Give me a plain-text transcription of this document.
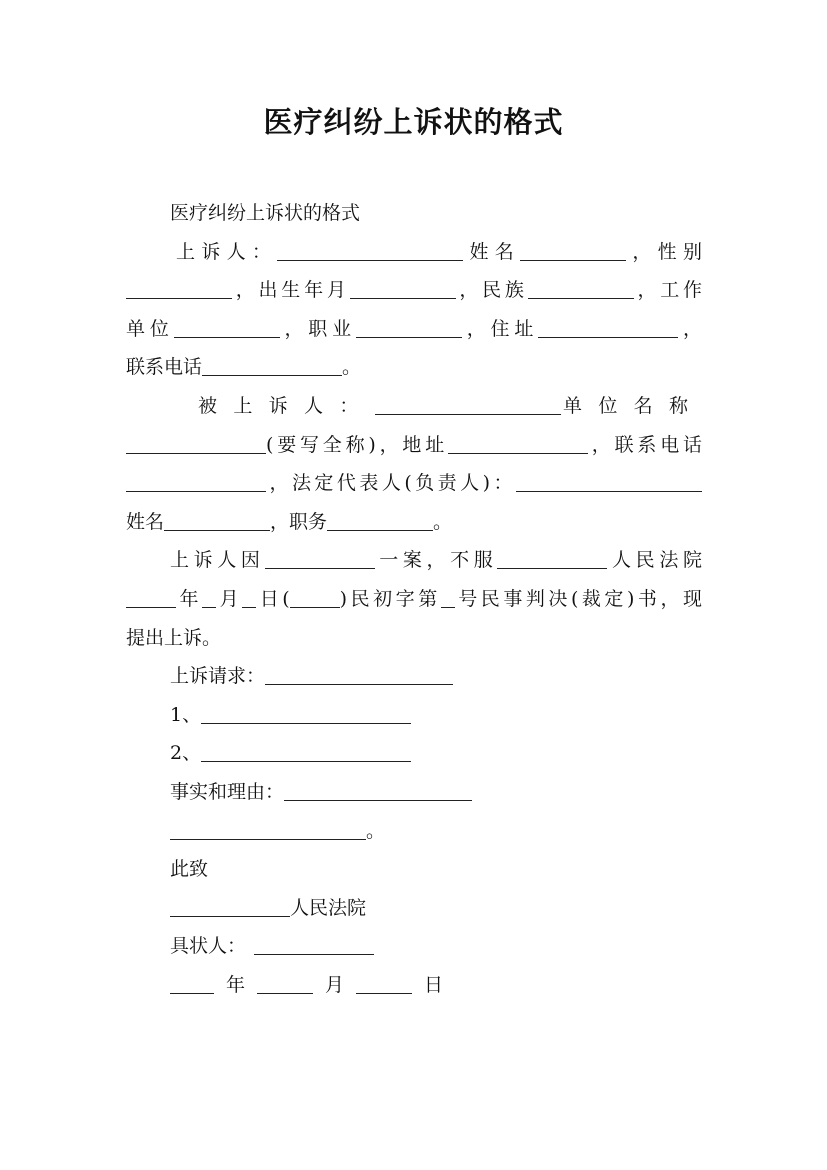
医疗纠纷上诉状的格式
医疗纠纷上诉状的格式
上诉人：	姓名	，性别
，出生年月	，民族	，工作
单位	，职业	，住址	，
联系电话	。
被上诉人：	单位名称
(要写全称)，地址	，联系电话
，法定代表人(负责人)：
姓名	，职务	。
上诉人因	一案，不服	人民法院
年 月 日(	)民初字第 号民事判决(裁定)书，现
提出上诉。
上诉请求：
1、
2、
事实和理由：
。
此致
人民法院
具状人：
年	月	日
